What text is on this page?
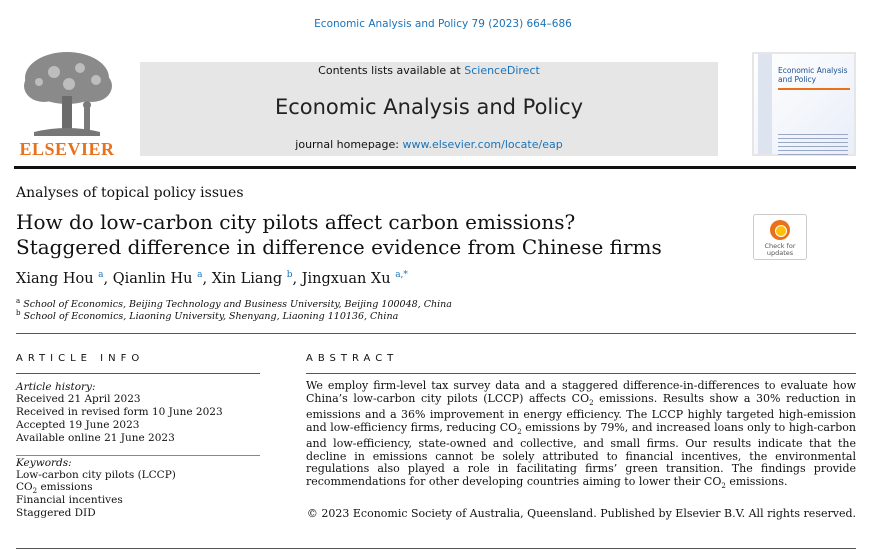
Economic Analysis and Policy 79 (2023) 664–686
ELSEVIER
Contents lists available at ScienceDirect
Economic Analysis and Policy
journal homepage: www.elsevier.com/locate/eap
Economic Analysis and Policy
Analyses of topical policy issues
How do low-carbon city pilots affect carbon emissions?
Staggered difference in difference evidence from Chinese firms	Check for updates
Xiang Hou $^a$, Qianlin Hu $^a$, Xin Liang $^b$, Jingxuan Xu $^{a,*}$
$^a$ School of Economics, Beijing Technology and Business University, Beijing 100048, China
$^b$ School of Economics, Liaoning University, Shenyang, Liaoning 110136, China
ARTICLE INFO	ABSTRACT
Article history:
Received 21 April 2023
Received in revised form 10 June 2023
Accepted 19 June 2023
Available online 21 June 2023
Keywords:
Low-carbon city pilots (LCCP)
$CO_2$ emissions
Financial incentives
Staggered DID
We employ firm-level tax survey data and a staggered difference-in-differences to evaluate how China’s low-carbon city pilots (LCCP) affects $CO_2$ emissions. Results show a 30% reduction in emissions and a 36% improvement in energy efficiency. The LCCP highly targeted high-emission and low-efficiency firms, reducing $CO_2$ emissions by 79%, and increased loans only to high-carbon and low-efficiency, state-owned and collective, and small firms. Our results indicate that the decline in emissions cannot be solely attributed to financial incentives, the environmental regulations also played a role in facilitating firms’ green transition. The findings provide recommendations for other developing countries aiming to lower their $CO_2$ emissions.
© 2023 Economic Society of Australia, Queensland. Published by Elsevier B.V. All rights reserved.
